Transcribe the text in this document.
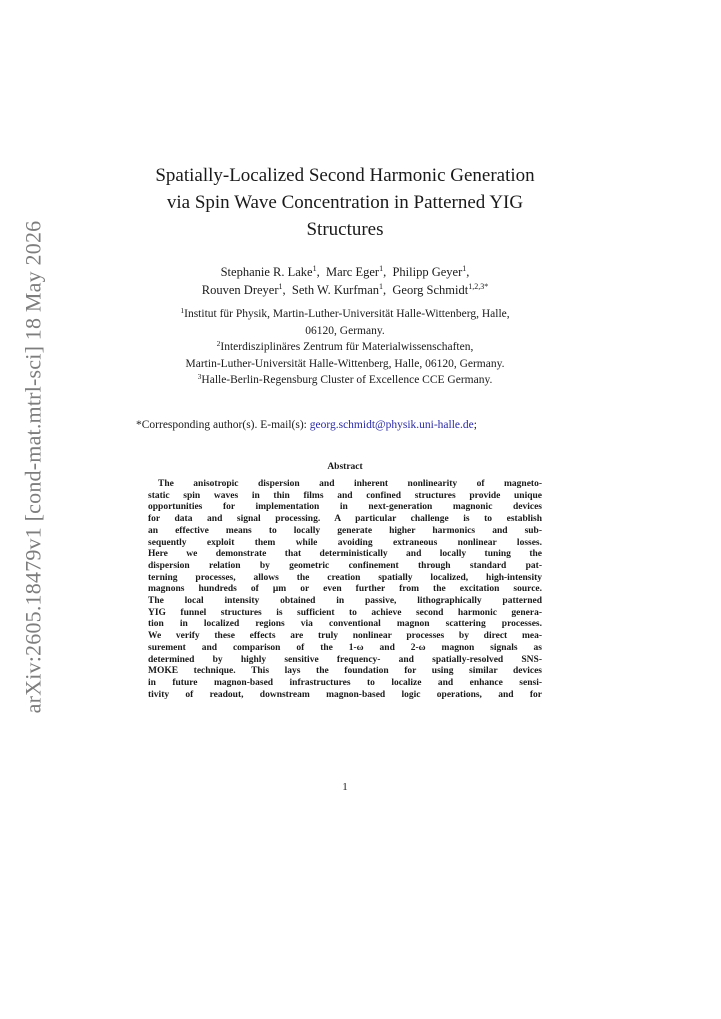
arXiv:2605.18479v1 [cond-mat.mtrl-sci] 18 May 2026
Spatially-Localized Second Harmonic Generation
via Spin Wave Concentration in Patterned YIG
Structures
Stephanie R. Lake$^1$,  Marc Eger$^1$,  Philipp Geyer$^1$,
Rouven Dreyer$^1$,  Seth W. Kurfman$^1$,  Georg Schmidt$^{1,2,3*}$
$^1$Institut für Physik, Martin-Luther-Universität Halle-Wittenberg, Halle,
06120, Germany.
$^2$Interdisziplinäres Zentrum für Materialwissenschaften,
Martin-Luther-Universität Halle-Wittenberg, Halle, 06120, Germany.
$^3$Halle-Berlin-Regensburg Cluster of Excellence CCE Germany.
*Corresponding author(s). E-mail(s): georg.schmidt@physik.uni-halle.de;
Abstract
The anisotropic dispersion and inherent nonlinearity of magneto-
static spin waves in thin films and confined structures provide unique
opportunities for implementation in next-generation magnonic devices
for data and signal processing. A particular challenge is to establish
an effective means to locally generate higher harmonics and sub-
sequently exploit them while avoiding extraneous nonlinear losses.
Here we demonstrate that deterministically and locally tuning the
dispersion relation by geometric confinement through standard pat-
terning processes, allows the creation spatially localized, high-intensity
magnons hundreds of μm or even further from the excitation source.
The local intensity obtained in passive, lithographically patterned
YIG funnel structures is sufficient to achieve second harmonic genera-
tion in localized regions via conventional magnon scattering processes.
We verify these effects are truly nonlinear processes by direct mea-
surement and comparison of the 1-ω and 2-ω magnon signals as
determined by highly sensitive frequency- and spatially-resolved SNS-
MOKE technique. This lays the foundation for using similar devices
in future magnon-based infrastructures to localize and enhance sensi-
tivity of readout, downstream magnon-based logic operations, and for
1
